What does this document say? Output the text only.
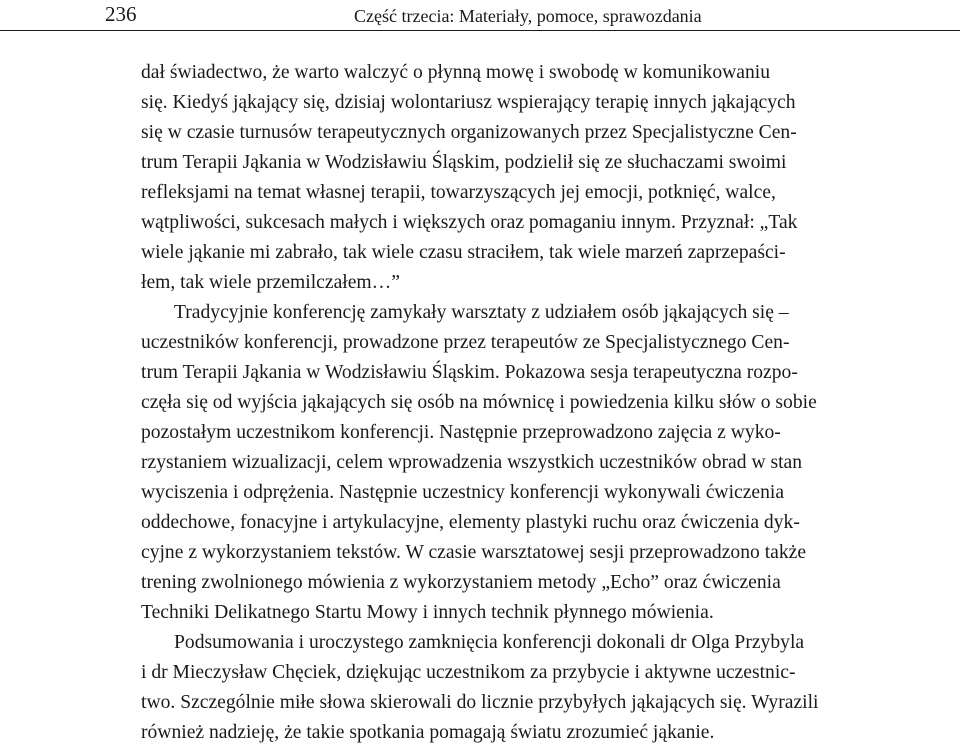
236	Część trzecia: Materiały, pomoce, sprawozdania
dał świadectwo, że warto walczyć o płynną mowę i swobodę w komunikowaniu
się. Kiedyś jąkający się, dzisiaj wolontariusz wspierający terapię innych jąkających
się w czasie turnusów terapeutycznych organizowanych przez Specjalistyczne Cen-
trum Terapii Jąkania w Wodzisławiu Śląskim, podzielił się ze słuchaczami swoimi
refleksjami na temat własnej terapii, towarzyszących jej emocji, potknięć, walce,
wątpliwości, sukcesach małych i większych oraz pomaganiu innym. Przyznał: „Tak
wiele jąkanie mi zabrało, tak wiele czasu straciłem, tak wiele marzeń zaprzepaści-
łem, tak wiele przemilczałem…”
Tradycyjnie konferencję zamykały warsztaty z udziałem osób jąkających się –
uczestników konferencji, prowadzone przez terapeutów ze Specjalistycznego Cen-
trum Terapii Jąkania w Wodzisławiu Śląskim. Pokazowa sesja terapeutyczna rozpo-
częła się od wyjścia jąkających się osób na mównicę i powiedzenia kilku słów o sobie
pozostałym uczestnikom konferencji. Następnie przeprowadzono zajęcia z wyko-
rzystaniem wizualizacji, celem wprowadzenia wszystkich uczestników obrad w stan
wyciszenia i odprężenia. Następnie uczestnicy konferencji wykonywali ćwiczenia
oddechowe, fonacyjne i artykulacyjne, elementy plastyki ruchu oraz ćwiczenia dyk-
cyjne z wykorzystaniem tekstów. W czasie warsztatowej sesji przeprowadzono także
trening zwolnionego mówienia z wykorzystaniem metody „Echo” oraz ćwiczenia
Techniki Delikatnego Startu Mowy i innych technik płynnego mówienia.
Podsumowania i uroczystego zamknięcia konferencji dokonali dr Olga Przybyla
i dr Mieczysław Chęciek, dziękując uczestnikom za przybycie i aktywne uczestnic-
two. Szczególnie miłe słowa skierowali do licznie przybyłych jąkających się. Wyrazili
również nadzieję, że takie spotkania pomagają światu zrozumieć jąkanie.
